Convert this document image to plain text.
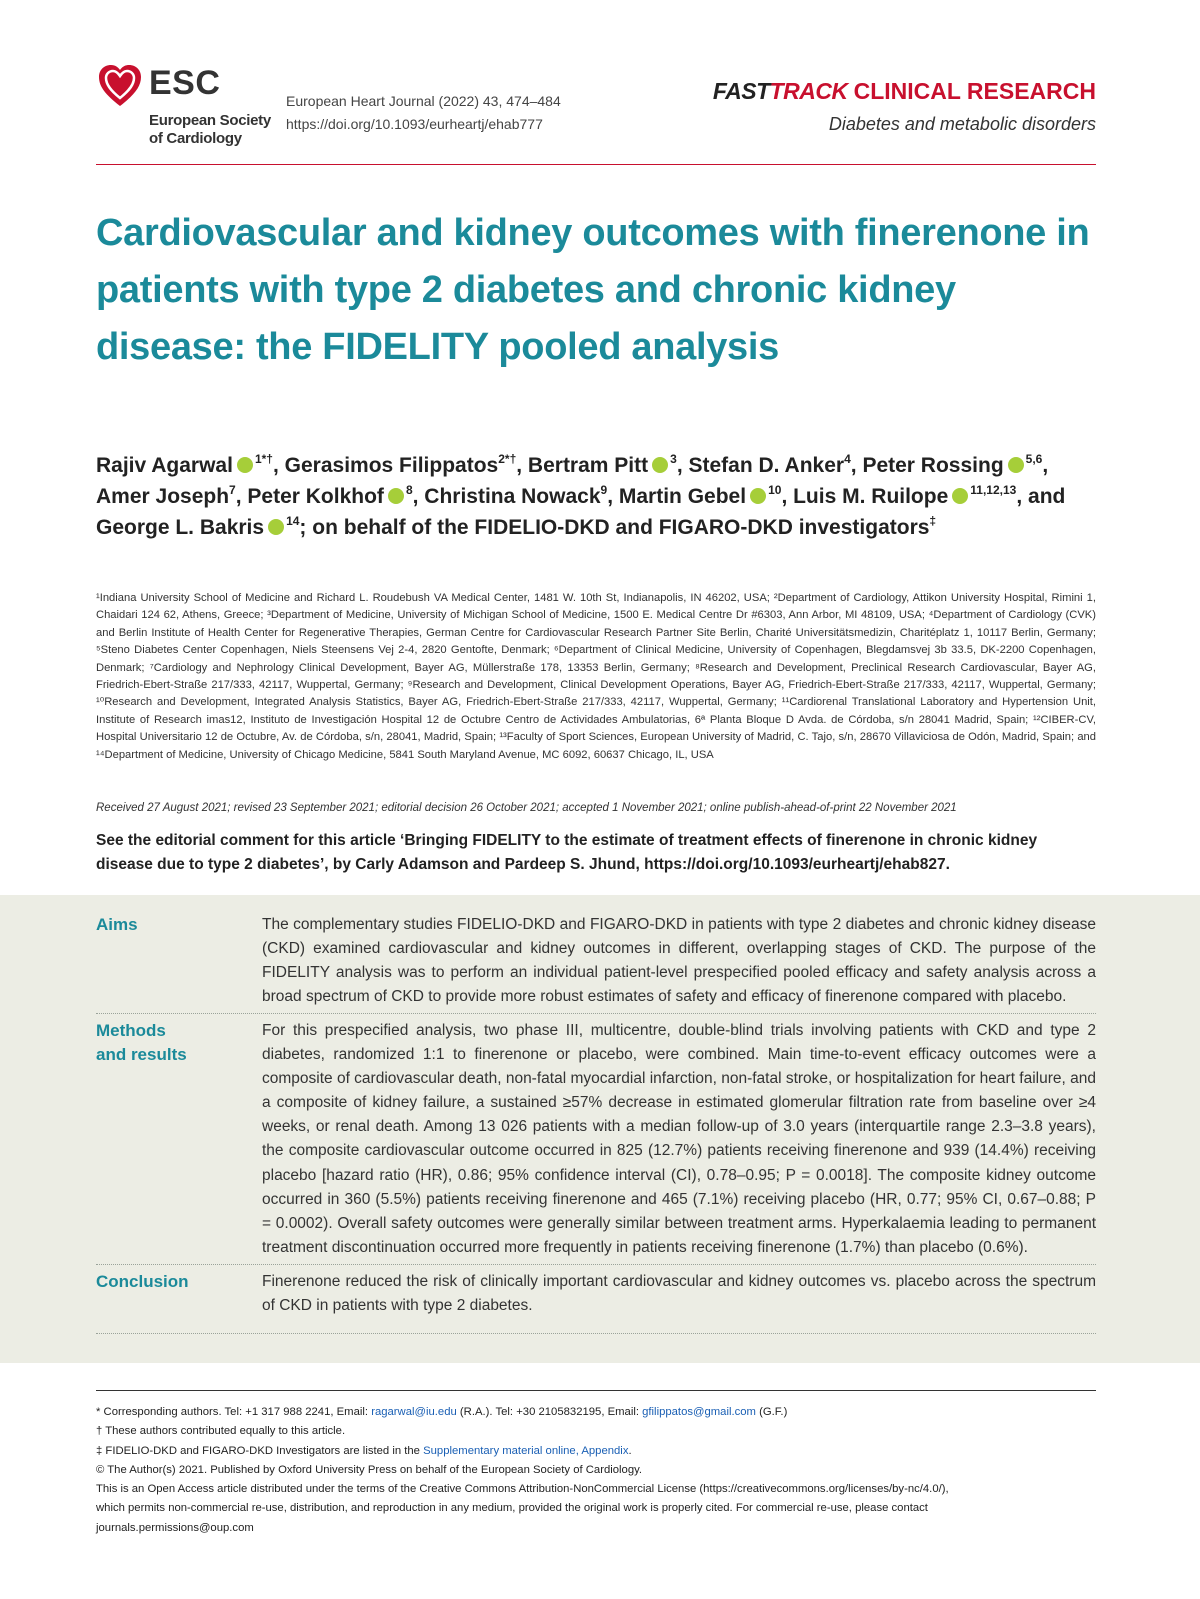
ESC
European Society
of Cardiology
European Heart Journal (2022) 43, 474–484
https://doi.org/10.1093/eurheartj/ehab777
FASTTRACK CLINICAL RESEARCH
Diabetes and metabolic disorders
Cardiovascular and kidney outcomes with finerenone in patients with type 2 diabetes and chronic kidney disease: the FIDELITY pooled analysis
Rajiv Agarwal $^{1*\dagger}$, Gerasimos Filippatos$^{2*\dagger}$, Bertram Pitt $^3$, Stefan D. Anker$^4$, Peter Rossing $^{5,6}$, Amer Joseph$^7$, Peter Kolkhof $^8$, Christina Nowack$^9$, Martin Gebel $^{10}$, Luis M. Ruilope $^{11,12,13}$, and George L. Bakris $^{14}$; on behalf of the FIDELIO-DKD and FIGARO-DKD investigators‡
¹Indiana University School of Medicine and Richard L. Roudebush VA Medical Center, 1481 W. 10th St, Indianapolis, IN 46202, USA; ²Department of Cardiology, Attikon University Hospital, Rimini 1, Chaidari 124 62, Athens, Greece; ³Department of Medicine, University of Michigan School of Medicine, 1500 E. Medical Centre Dr #6303, Ann Arbor, MI 48109, USA; ⁴Department of Cardiology (CVK) and Berlin Institute of Health Center for Regenerative Therapies, German Centre for Cardiovascular Research Partner Site Berlin, Charité Universitätsmedizin, Charitéplatz 1, 10117 Berlin, Germany; ⁵Steno Diabetes Center Copenhagen, Niels Steensens Vej 2-4, 2820 Gentofte, Denmark; ⁶Department of Clinical Medicine, University of Copenhagen, Blegdamsvej 3b 33.5, DK-2200 Copenhagen, Denmark; ⁷Cardiology and Nephrology Clinical Development, Bayer AG, Müllerstraße 178, 13353 Berlin, Germany; ⁸Research and Development, Preclinical Research Cardiovascular, Bayer AG, Friedrich-Ebert-Straße 217/333, 42117, Wuppertal, Germany; ⁹Research and Development, Clinical Development Operations, Bayer AG, Friedrich-Ebert-Straße 217/333, 42117, Wuppertal, Germany; ¹⁰Research and Development, Integrated Analysis Statistics, Bayer AG, Friedrich-Ebert-Straße 217/333, 42117, Wuppertal, Germany; ¹¹Cardiorenal Translational Laboratory and Hypertension Unit, Institute of Research imas12, Instituto de Investigación Hospital 12 de Octubre Centro de Actividades Ambulatorias, 6ª Planta Bloque D Avda. de Córdoba, s/n 28041 Madrid, Spain; ¹²CIBER-CV, Hospital Universitario 12 de Octubre, Av. de Córdoba, s/n, 28041, Madrid, Spain; ¹³Faculty of Sport Sciences, European University of Madrid, C. Tajo, s/n, 28670 Villaviciosa de Odón, Madrid, Spain; and ¹⁴Department of Medicine, University of Chicago Medicine, 5841 South Maryland Avenue, MC 6092, 60637 Chicago, IL, USA
Received 27 August 2021; revised 23 September 2021; editorial decision 26 October 2021; accepted 1 November 2021; online publish-ahead-of-print 22 November 2021
See the editorial comment for this article ‘Bringing FIDELITY to the estimate of treatment effects of finerenone in chronic kidney disease due to type 2 diabetes’, by Carly Adamson and Pardeep S. Jhund, https://doi.org/10.1093/eurheartj/ehab827.
Aims	The complementary studies FIDELIO-DKD and FIGARO-DKD in patients with type 2 diabetes and chronic kidney disease (CKD) examined cardiovascular and kidney outcomes in different, overlapping stages of CKD. The purpose of the FIDELITY analysis was to perform an individual patient-level prespecified pooled efficacy and safety analysis across a broad spectrum of CKD to provide more robust estimates of safety and efficacy of finerenone compared with placebo.
Methods
and results
For this prespecified analysis, two phase III, multicentre, double-blind trials involving patients with CKD and type 2 diabetes, randomized 1:1 to finerenone or placebo, were combined. Main time-to-event efficacy outcomes were a composite of cardiovascular death, non-fatal myocardial infarction, non-fatal stroke, or hospitalization for heart failure, and a composite of kidney failure, a sustained ≥57% decrease in estimated glomerular filtration rate from baseline over ≥4 weeks, or renal death. Among 13 026 patients with a median follow-up of 3.0 years (interquartile range 2.3–3.8 years), the composite cardiovascular outcome occurred in 825 (12.7%) patients receiving finerenone and 939 (14.4%) receiving placebo [hazard ratio (HR), 0.86; 95% confidence interval (CI), 0.78–0.95; P = 0.0018]. The composite kidney outcome occurred in 360 (5.5%) patients receiving finerenone and 465 (7.1%) receiving placebo (HR, 0.77; 95% CI, 0.67–0.88; P = 0.0002). Overall safety outcomes were generally similar between treatment arms. Hyperkalaemia leading to permanent treatment discontinuation occurred more frequently in patients receiving finerenone (1.7%) than placebo (0.6%).
Conclusion	Finerenone reduced the risk of clinically important cardiovascular and kidney outcomes vs. placebo across the spectrum of CKD in patients with type 2 diabetes.
* Corresponding authors. Tel: +1 317 988 2241, Email: ragarwal@iu.edu (R.A.). Tel: +30 2105832195, Email: gfilippatos@gmail.com (G.F.)
† These authors contributed equally to this article.
‡ FIDELIO-DKD and FIGARO-DKD Investigators are listed in the Supplementary material online, Appendix.
© The Author(s) 2021. Published by Oxford University Press on behalf of the European Society of Cardiology.
This is an Open Access article distributed under the terms of the Creative Commons Attribution-NonCommercial License (https://creativecommons.org/licenses/by-nc/4.0/),
which permits non-commercial re-use, distribution, and reproduction in any medium, provided the original work is properly cited. For commercial re-use, please contact
journals.permissions@oup.com
